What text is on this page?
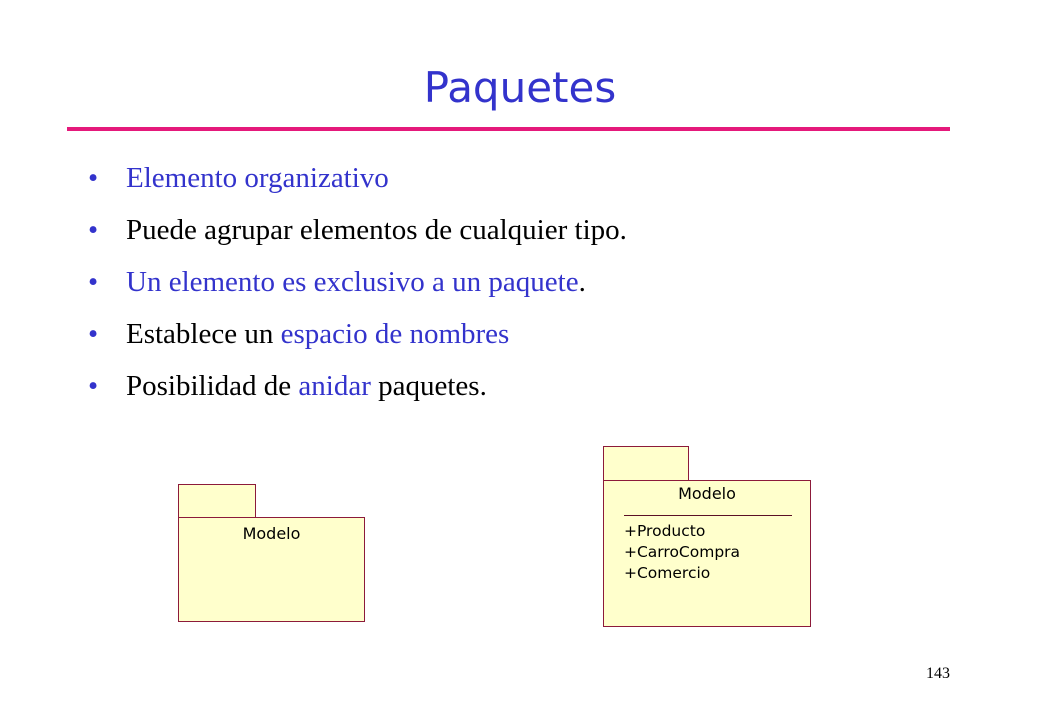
Paquetes
• Elemento organizativo
• Puede agrupar elementos de cualquier tipo.
• Un elemento es exclusivo a un paquete.
• Establece un espacio de nombres
• Posibilidad de anidar paquetes.
Modelo
Modelo
+Producto
+CarroCompra
+Comercio
143
